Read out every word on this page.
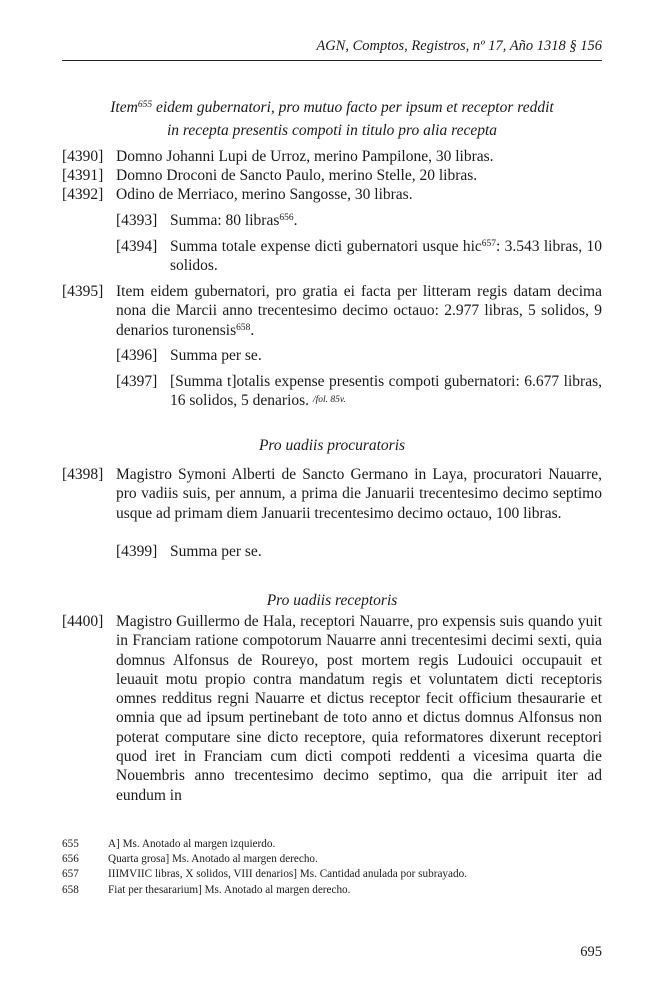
AGN, Comptos, Registros, nº 17, Año 1318 § 156
Item$^{655}$ eidem gubernatori, pro mutuo facto per ipsum et receptor reddit
in recepta presentis compoti in titulo pro alia recepta
[4390] Domno Johanni Lupi de Urroz, merino Pampilone, 30 libras.
[4391] Domno Droconi de Sancto Paulo, merino Stelle, 20 libras.
[4392] Odino de Merriaco, merino Sangosse, 30 libras.
[4393] Summa: 80 libras$^{656}$.
[4394] Summa totale expense dicti gubernatori usque hic$^{657}$: 3.543 libras, 10 solidos.
[4395] Item eidem gubernatori, pro gratia ei facta per litteram regis datam decima nona die Marcii anno trecentesimo decimo octauo: 2.977 libras, 5 solidos, 9 denarios turonensis$^{658}$.
[4396] Summa per se.
[4397] [Summa t]otalis expense presentis compoti gubernatori: 6.677 libras, 16 solidos, 5 denarios. /fol. 85v.
Pro uadiis procuratoris
[4398] Magistro Symoni Alberti de Sancto Germano in Laya, procuratori Nauarre, pro vadiis suis, per annum, a prima die Januarii trecentesimo decimo septimo usque ad primam diem Januarii trecentesimo decimo octauo, 100 libras.
[4399] Summa per se.
Pro uadiis receptoris
[4400] Magistro Guillermo de Hala, receptori Nauarre, pro expensis suis quando yuit in Franciam ratione compotorum Nauarre anni trecentesimi decimi sexti, quia domnus Alfonsus de Roureyo, post mortem regis Ludouici occupauit et leuauit motu propio contra mandatum regis et voluntatem dicti receptoris omnes redditus regni Nauarre et dictus receptor fecit officium thesaurarie et omnia que ad ipsum pertinebant de toto anno et dictus domnus Alfonsus non poterat computare sine dicto receptore, quia reformatores dixerunt receptori quod iret in Franciam cum dicti compoti reddenti a vicesima quarta die Nouembris anno trecentesimo decimo septimo, qua die arripuit iter ad eundum in
655	A] Ms. Anotado al margen izquierdo.
656	Quarta grosa] Ms. Anotado al margen derecho.
657	IIIMVIIC libras, X solidos, VIII denarios] Ms. Cantidad anulada por subrayado.
658	Fiat per thesararium] Ms. Anotado al margen derecho.
695
